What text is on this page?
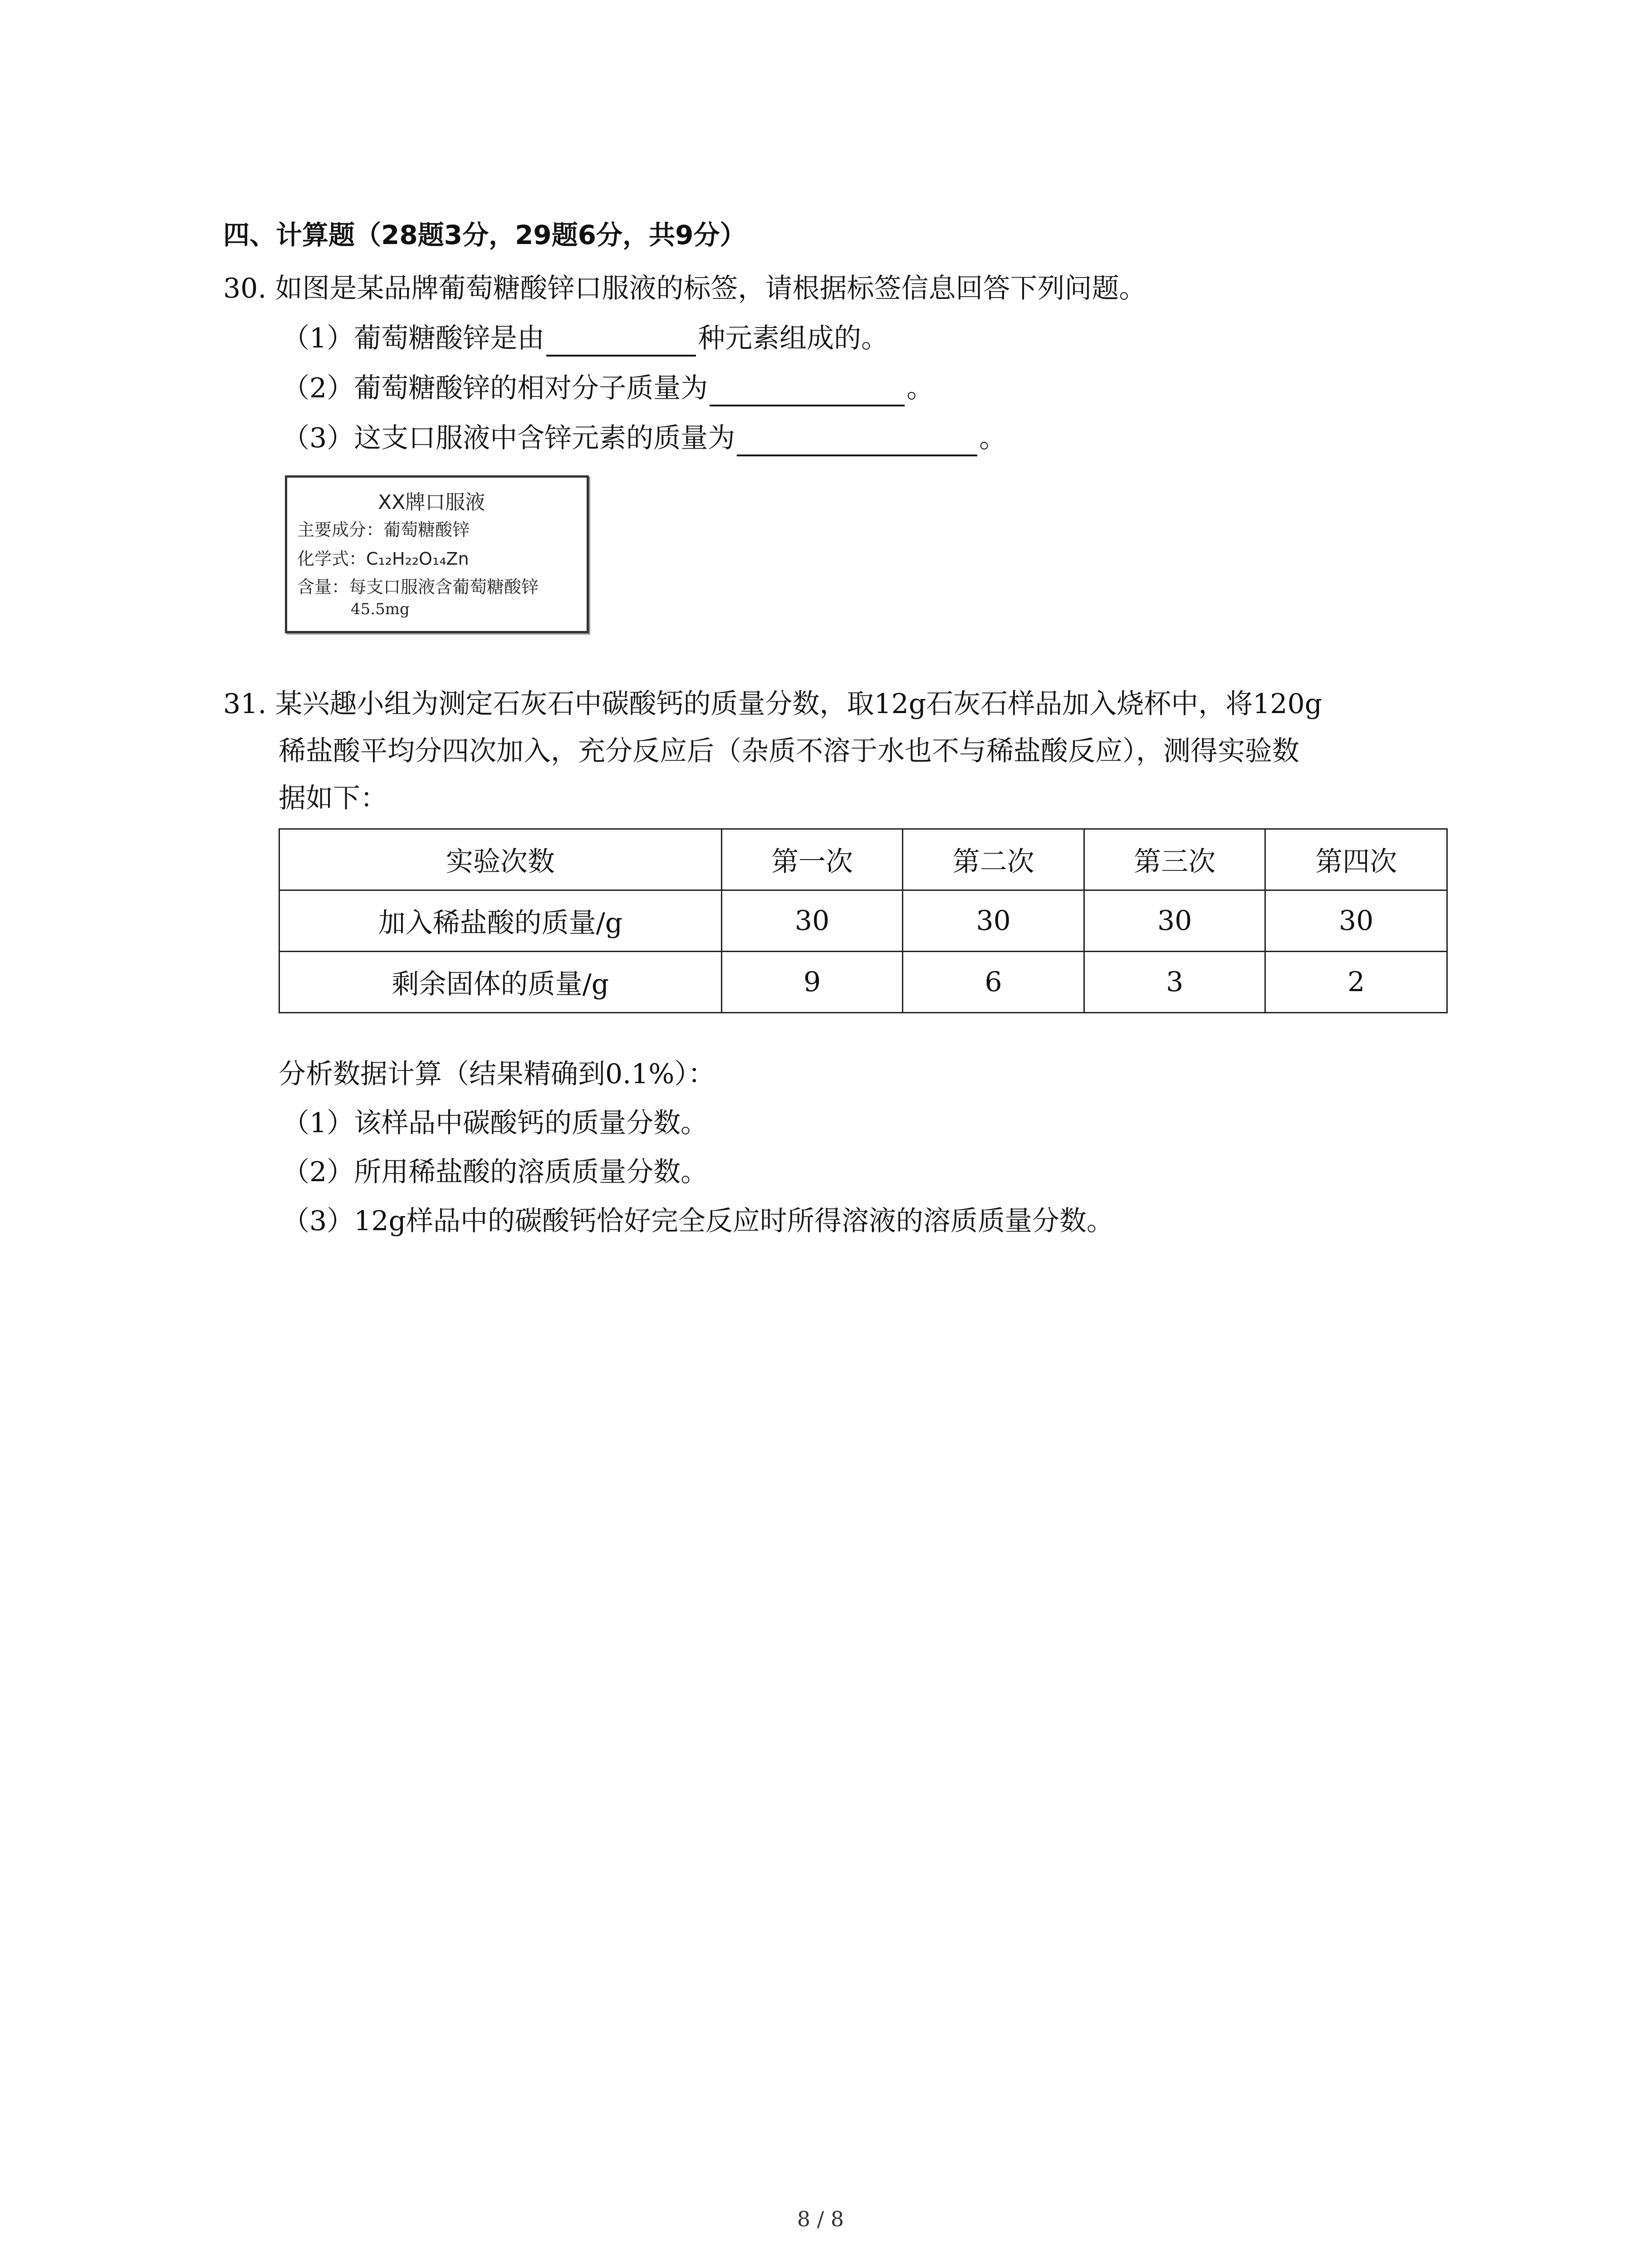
四、计算题（28题3分，29题6分，共9分）
30. 如图是某品牌葡萄糖酸锌口服液的标签，请根据标签信息回答下列问题。
（1）葡萄糖酸锌是由	种元素组成的。
（2）葡萄糖酸锌的相对分子质量为	。
（3）这支口服液中含锌元素的质量为	。
XX牌口服液
主要成分：葡萄糖酸锌
化学式：C₁₂H₂₂O₁₄Zn
含量：每支口服液含葡萄糖酸锌
45.5mg
31. 某兴趣小组为测定石灰石中碳酸钙的质量分数，取12g石灰石样品加入烧杯中，将120g
稀盐酸平均分四次加入，充分反应后（杂质不溶于水也不与稀盐酸反应），测得实验数
据如下：
实验次数	第一次	第二次	第三次	第四次
加入稀盐酸的质量/g	30	30	30	30
剩余固体的质量/g	9	6	3	2
分析数据计算（结果精确到0.1%）：
（1）该样品中碳酸钙的质量分数。
（2）所用稀盐酸的溶质质量分数。
（3）12g样品中的碳酸钙恰好完全反应时所得溶液的溶质质量分数。
8 / 8
